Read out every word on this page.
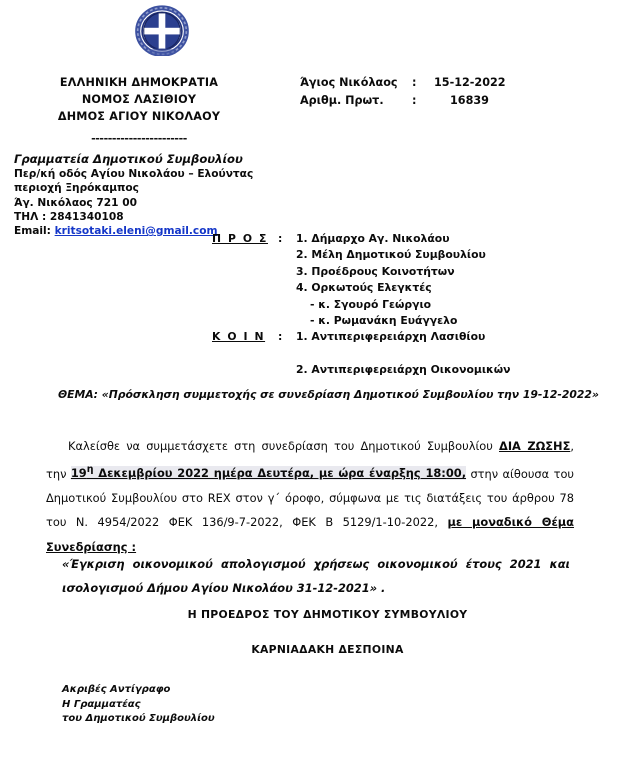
ΕΛΛΗΝΙΚΗ ΔΗΜΟΚΡΑΤΙΑ
ΝΟΜΟΣ ΛΑΣΙΘΙΟΥ
ΔΗΜΟΣ ΑΓΙΟΥ ΝΙΚΟΛΑΟΥ
-----------------------
Άγιος Νικόλαος	:	15-12-2022
Αριθμ. Πρωτ.	:	16839
Γραμματεία Δημοτικού Συμβουλίου
Περ/κή οδός Αγίου Νικολάου – Ελούντας
περιοχή Ξηρόκαμπος
Άγ. Νικόλαος 721 00
ΤΗΛ : 2841340108
Email: kritsotaki.eleni@gmail.com
Π Ρ Ο Σ :	1. Δήμαρχο Αγ. Νικολάου
2. Μέλη Δημοτικού Συμβουλίου
3. Προέδρους Κοινοτήτων
4. Ορκωτούς Ελεγκτές
- κ. Σγουρό Γεώργιο
- κ. Ρωμανάκη Ευάγγελο
Κ Ο Ι Ν	:	1. Αντιπεριφερειάρχη Λασιθίου
2. Αντιπεριφερειάρχη Οικονομικών
ΘΕΜΑ: «Πρόσκληση συμμετοχής σε συνεδρίαση Δημοτικού Συμβουλίου την 19-12-2022»
Καλείσθε να συμμετάσχετε στη συνεδρίαση του Δημοτικού Συμβουλίου ΔΙΑ ΖΩΣΗΣ, την $19^\eta$ Δεκεμβρίου 2022 ημέρα Δευτέρα, με ώρα έναρξης 18:00, στην αίθουσα του Δημοτικού Συμβουλίου στο REX στον γ΄ όροφο, σύμφωνα με τις διατάξεις του άρθρου 78 του Ν. 4954/2022 ΦΕΚ 136/9-7-2022, ΦΕΚ Β 5129/1-10-2022, με μοναδικό Θέμα Συνεδρίασης :
«Έγκριση οικονομικού απολογισμού χρήσεως οικονομικού έτους 2021 και ισολογισμού Δήμου Αγίου Νικολάου 31-12-2021» .
Η ΠΡΟΕΔΡΟΣ ΤΟΥ ΔΗΜΟΤΙΚΟΥ ΣΥΜΒΟΥΛΙΟΥ
ΚΑΡΝΙΑΔΑΚΗ ΔΕΣΠΟΙΝΑ
Ακριβές Αντίγραφο
Η Γραμματέας
του Δημοτικού Συμβουλίου
